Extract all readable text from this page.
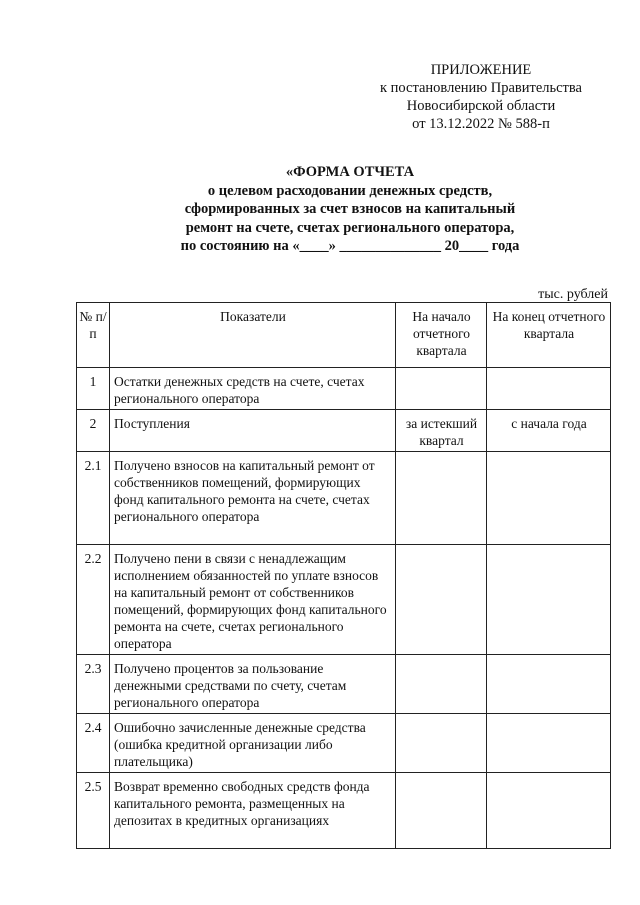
ПРИЛОЖЕНИЕ
к постановлению Правительства
Новосибирской области
от 13.12.2022 № 588-п
«ФОРМА ОТЧЕТА
о целевом расходовании денежных средств,
сформированных за счет взносов на капитальный
ремонт на счете, счетах регионального оператора,
по состоянию на «____» ______________ 20____ года
тыс. рублей
№ п/п	Показатели	На начало отчетного квартала	На конец отчетного квартала
1	Остатки денежных средств на счете, счетах регионального оператора		
2	Поступления	за истекший квартал	с начала года
2.1	Получено взносов на капитальный ремонт от собственников помещений, формирующих фонд капитального ремонта на счете, счетах регионального оператора		
2.2	Получено пени в связи с ненадлежащим исполнением обязанностей по уплате взносов на капитальный ремонт от собственников помещений, формирующих фонд капитального ремонта на счете, счетах регионального оператора		
2.3	Получено процентов за пользование денежными средствами по счету, счетам регионального оператора		
2.4	Ошибочно зачисленные денежные средства (ошибка кредитной организации либо плательщика)		
2.5	Возврат временно свободных средств фонда капитального ремонта, размещенных на депозитах в кредитных организациях		
